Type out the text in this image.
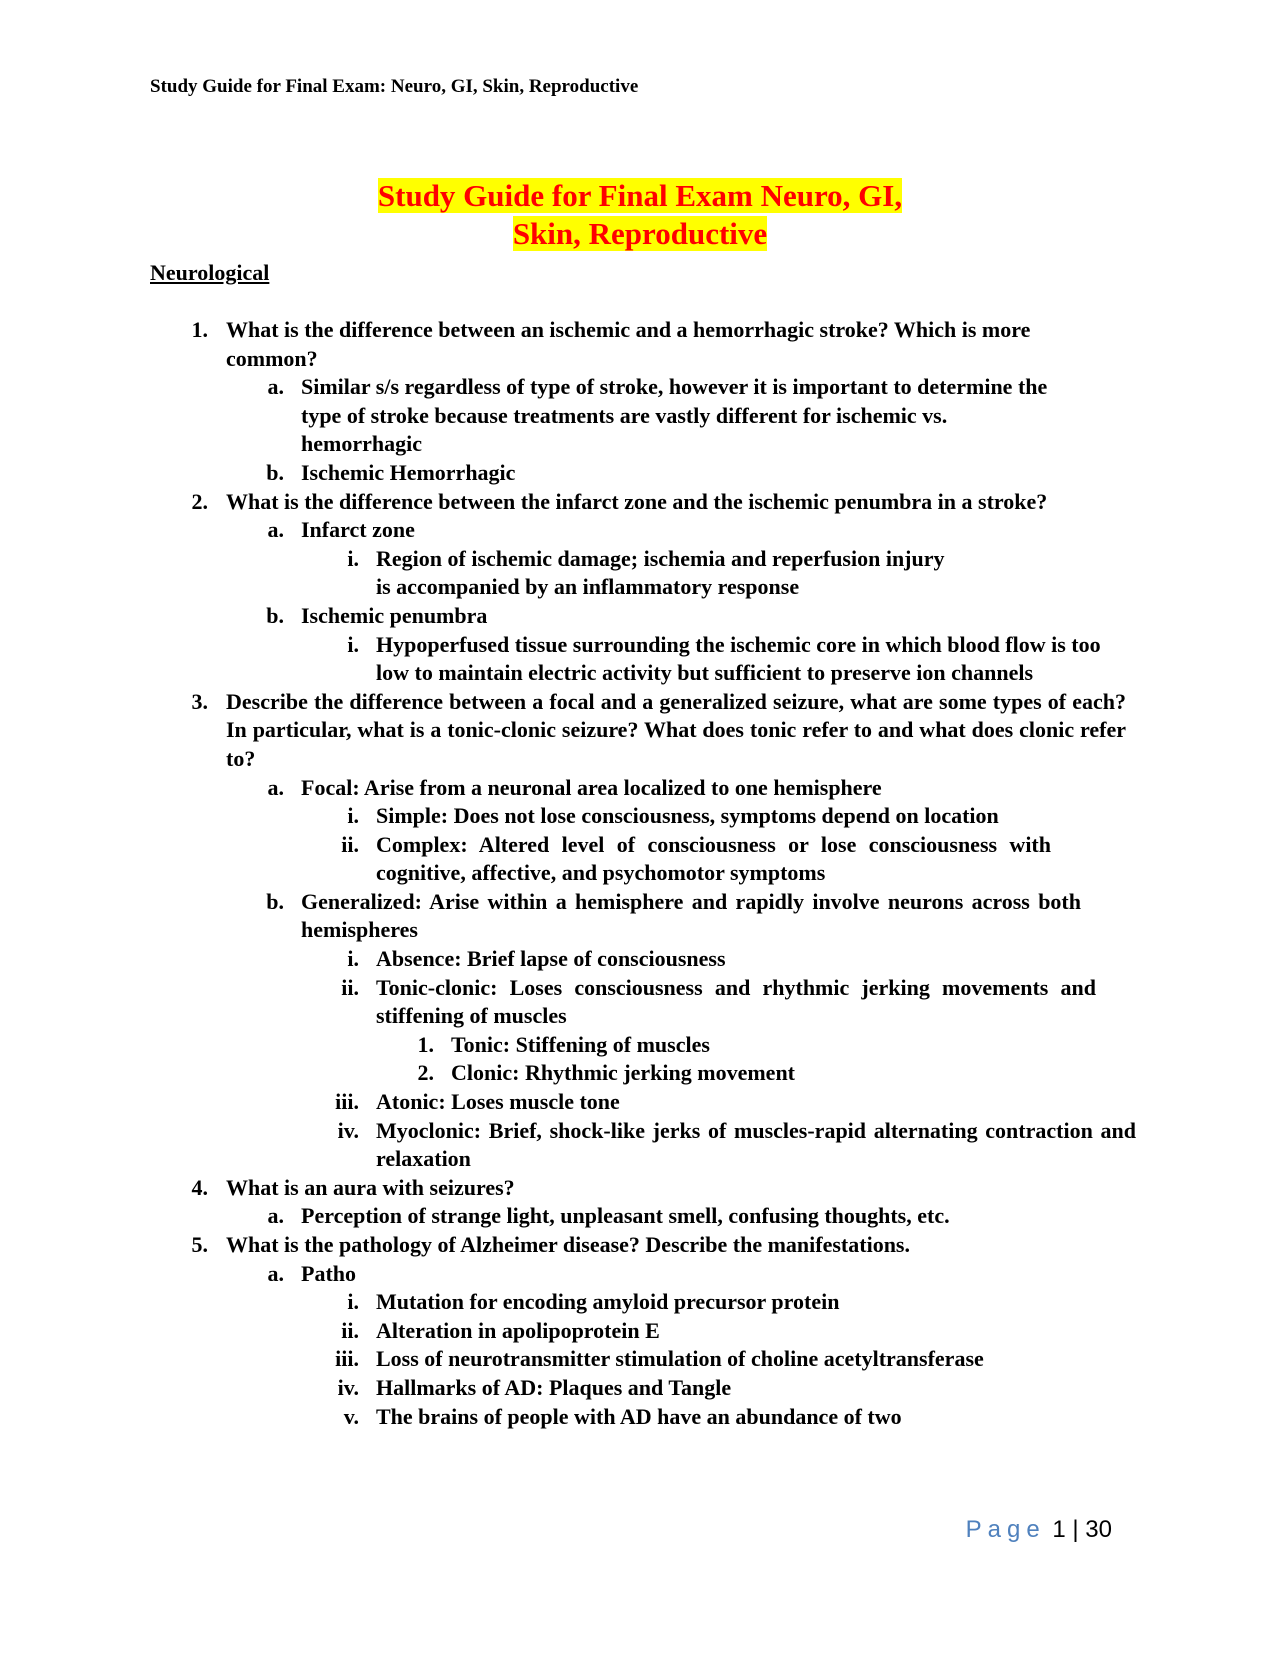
Study Guide for Final Exam: Neuro, GI, Skin, Reproductive
Study Guide for Final Exam Neuro, GI,
Skin, Reproductive
Neurological
1. What is the difference between an ischemic and a hemorrhagic stroke? Which is more common?
a. Similar s/s regardless of type of stroke, however it is important to determine the type of stroke because treatments are vastly different for ischemic vs. hemorrhagic
b. Ischemic Hemorrhagic
2. What is the difference between the infarct zone and the ischemic penumbra in a stroke?
a. Infarct zone
i. Region of ischemic damage; ischemia and reperfusion injury is accompanied by an inflammatory response
b. Ischemic penumbra
i. Hypoperfused tissue surrounding the ischemic core in which blood flow is too low to maintain electric activity but sufficient to preserve ion channels
3. Describe the difference between a focal and a generalized seizure, what are some types of each? In particular, what is a tonic-clonic seizure? What does tonic refer to and what does clonic refer to?
a. Focal: Arise from a neuronal area localized to one hemisphere
i. Simple: Does not lose consciousness, symptoms depend on location
ii. Complex: Altered level of consciousness or lose consciousness with cognitive, affective, and psychomotor symptoms
b. Generalized: Arise within a hemisphere and rapidly involve neurons across both hemispheres
i. Absence: Brief lapse of consciousness
ii. Tonic-clonic: Loses consciousness and rhythmic jerking movements and stiffening of muscles
1. Tonic: Stiffening of muscles
2. Clonic: Rhythmic jerking movement
iii. Atonic: Loses muscle tone
iv. Myoclonic: Brief, shock-like jerks of muscles-rapid alternating contraction and relaxation
4. What is an aura with seizures?
a. Perception of strange light, unpleasant smell, confusing thoughts, etc.
5. What is the pathology of Alzheimer disease? Describe the manifestations.
a. Patho
i. Mutation for encoding amyloid precursor protein
ii. Alteration in apolipoprotein E
iii. Loss of neurotransmitter stimulation of choline acetyltransferase
iv. Hallmarks of AD: Plaques and Tangle
v. The brains of people with AD have an abundance of two
Page 1 | 30
